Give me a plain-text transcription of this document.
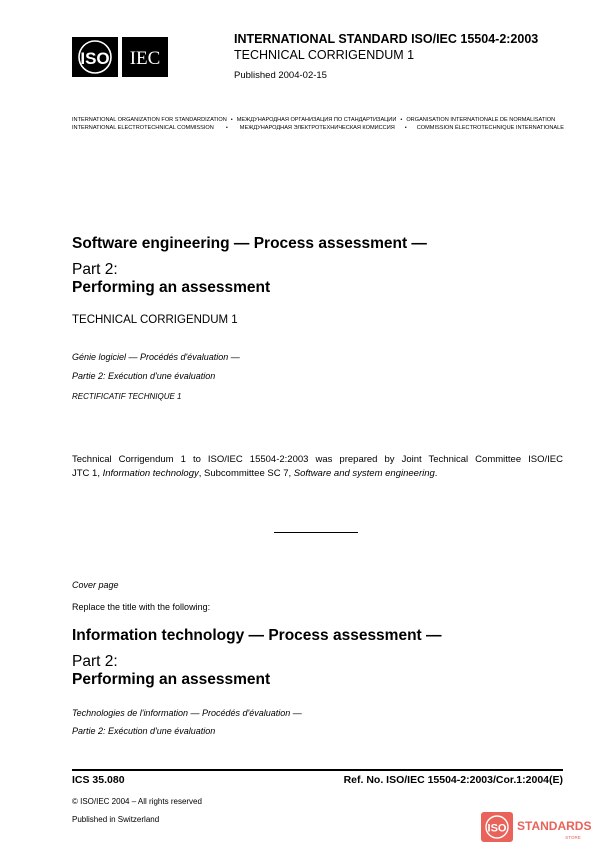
ISO IEC
INTERNATIONAL STANDARD ISO/IEC 15504-2:2003
TECHNICAL CORRIGENDUM 1
Published 2004-02-15
INTERNATIONAL ORGANIZATION FOR STANDARDIZATION • МЕЖДУНАРОДНАЯ ОРГАНИЗАЦИЯ ПО СТАНДАРТИЗАЦИИ • ORGANISATION INTERNATIONALE DE NORMALISATION
INTERNATIONAL ELECTROTECHNICAL COMMISSION • МЕЖДУНАРОДНАЯ ЭЛЕКТРОТЕХНИЧЕСКАЯ КОМИССИЯ • COMMISSION ÉLECTROTECHNIQUE INTERNATIONALE
Software engineering — Process assessment —
Part 2:
Performing an assessment
TECHNICAL CORRIGENDUM 1
Génie logiciel — Procédés d'évaluation —
Partie 2: Exécution d'une évaluation
RECTIFICATIF TECHNIQUE 1
Technical Corrigendum 1 to ISO/IEC 15504-2:2003 was prepared by Joint Technical Committee ISO/IEC
JTC 1, Information technology, Subcommittee SC 7, Software and system engineering.
Cover page
Replace the title with the following:
Information technology — Process assessment —
Part 2:
Performing an assessment
Technologies de l'information — Procédés d'évaluation —
Partie 2: Exécution d'une évaluation
ICS 35.080	Ref. No. ISO/IEC 15504-2:2003/Cor.1:2004(E)
© ISO/IEC 2004 – All rights reserved
Published in Switzerland
ISO STANDARDS
STORE
